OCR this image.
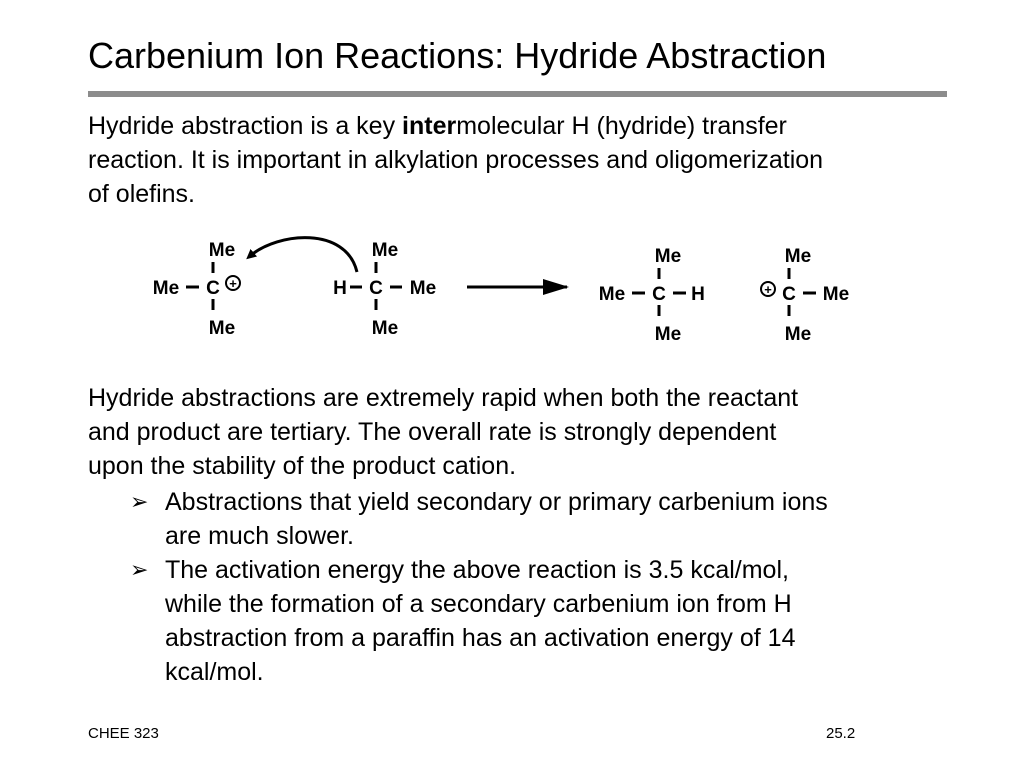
Carbenium Ion Reactions: Hydride Abstraction
Hydride abstraction is a key intermolecular H (hydride) transfer
reaction. It is important in alkylation processes and oligomerization
of olefins.
+	+
Me
Me C
Me
Me
H C Me
Me
Me
Me C H
Me
Me
C Me
Me
Hydride abstractions are extremely rapid when both the reactant
and product are tertiary. The overall rate is strongly dependent
upon the stability of the product cation.
➢ Abstractions that yield secondary or primary carbenium ions
are much slower.
➢ The activation energy the above reaction is 3.5 kcal/mol,
while the formation of a secondary carbenium ion from H
abstraction from a paraffin has an activation energy of 14
kcal/mol.
CHEE 323	25.2
